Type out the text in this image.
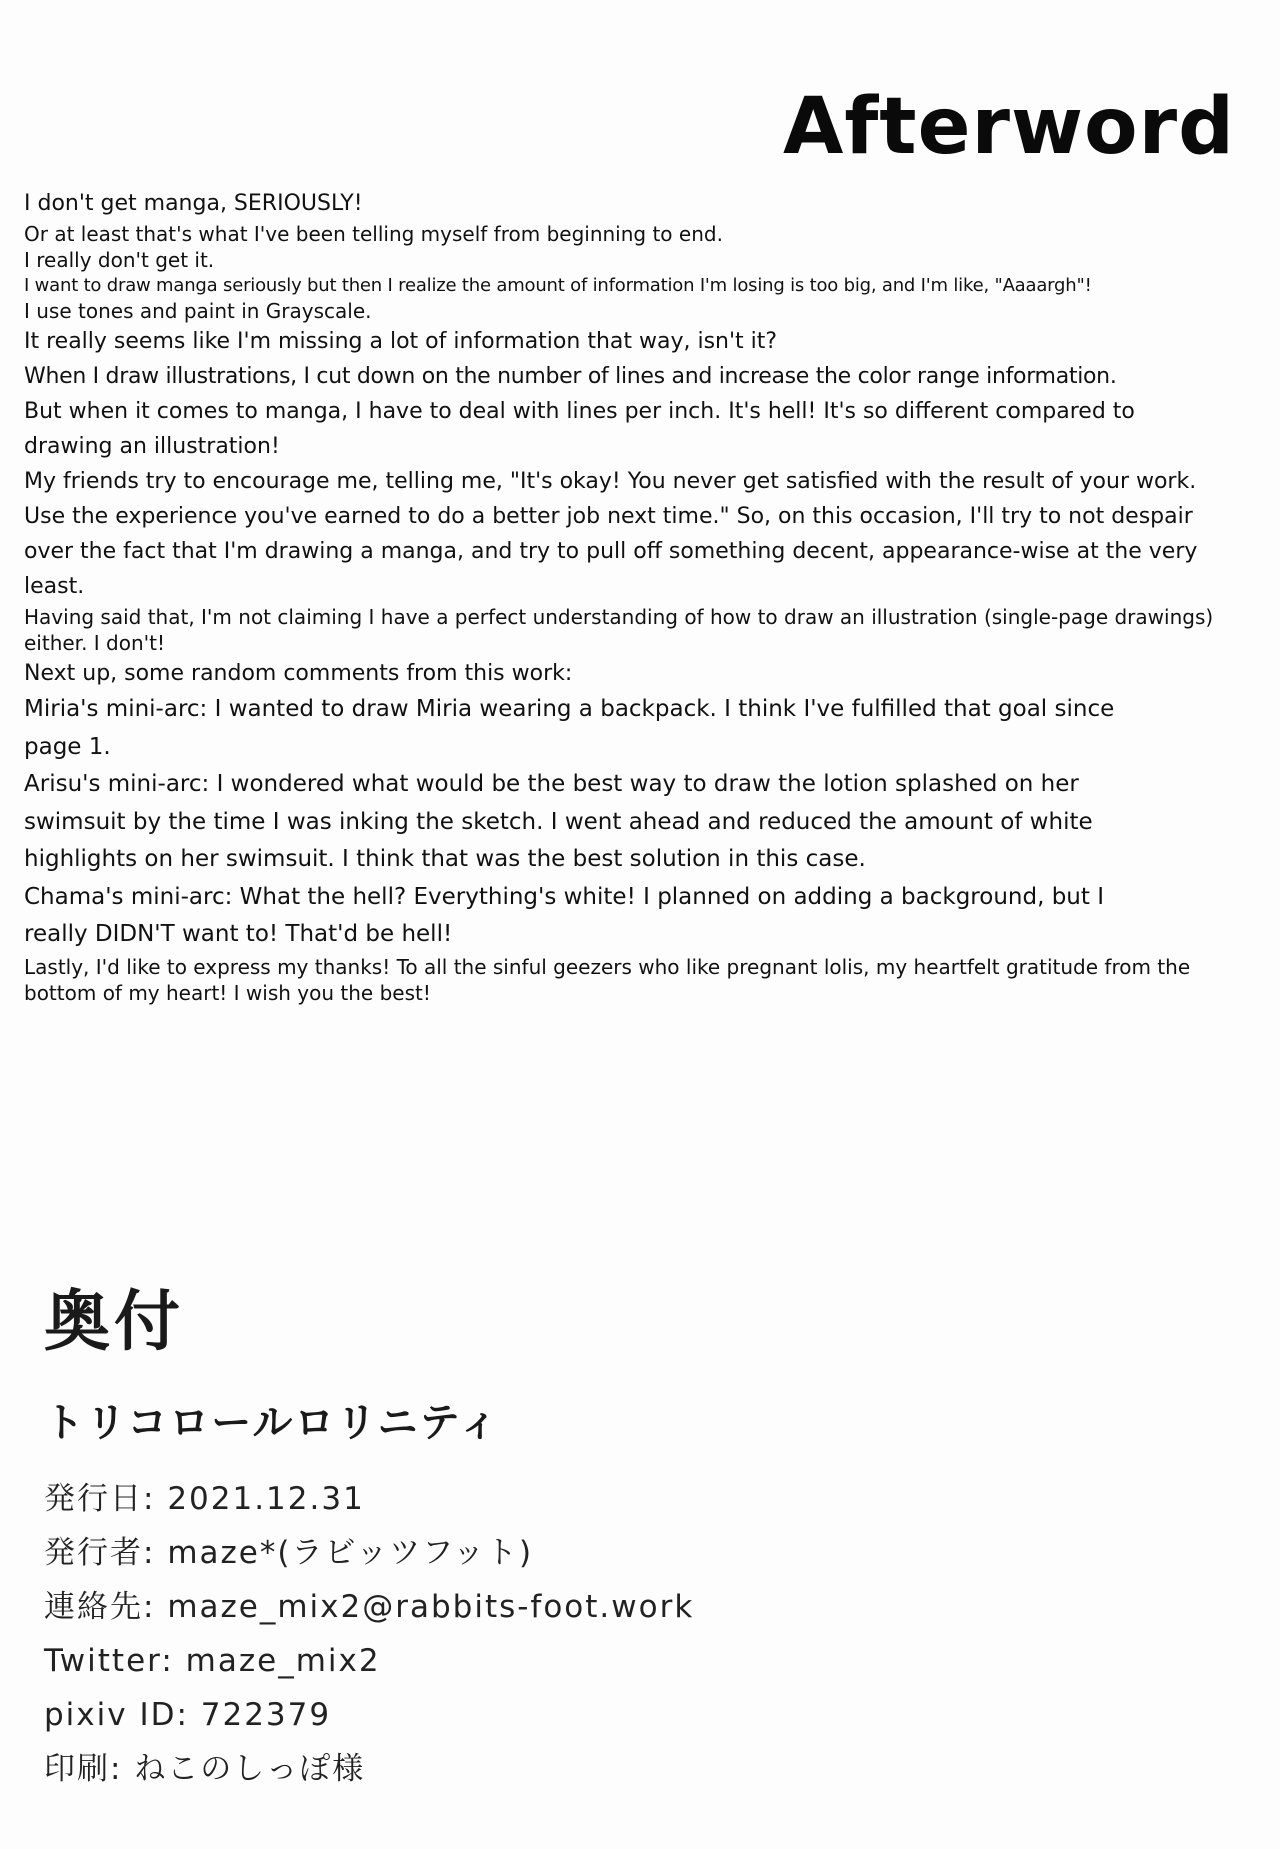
Afterword

I don't get manga, SERIOUSLY!

Or at least that's what I've been telling myself from beginning to end.

I really don't get it.

I want to draw manga seriously but then I realize the amount of information I'm losing is too big, and I'm like, "Aaaargh"!

I use tones and paint in Grayscale.

It really seems like I'm missing a lot of information that way, isn't it?

When I draw illustrations, I cut down on the number of lines and increase the color range information.

But when it comes to manga, I have to deal with lines per inch. It's hell! It's so different compared to drawing an illustration!

My friends try to encourage me, telling me, "It's okay! You never get satisfied with the result of your work. Use the experience you've earned to do a better job next time." So, on this occasion, I'll try to not despair over the fact that I'm drawing a manga, and try to pull off something decent, appearance-wise at the very least.

Having said that, I'm not claiming I have a perfect understanding of how to draw an illustration (single-page drawings) either. I don't!

Next up, some random comments from this work:

Miria's mini-arc: I wanted to draw Miria wearing a backpack. I think I've fulfilled that goal since page 1.

Arisu's mini-arc: I wondered what would be the best way to draw the lotion splashed on her swimsuit by the time I was inking the sketch. I went ahead and reduced the amount of white highlights on her swimsuit. I think that was the best solution in this case.

Chama's mini-arc: What the hell? Everything's white! I planned on adding a background, but I really DIDN'T want to! That'd be hell!

Lastly, I'd like to express my thanks! To all the sinful geezers who like pregnant lolis, my heartfelt gratitude from the bottom of my heart! I wish you the best!

奥付
トリコロールロリニティ
発行日: 2021.12.31
発行者: maze*(ラビッツフット)
連絡先: maze_mix2@rabbits-foot.work
Twitter: maze_mix2
pixiv ID: 722379
印刷: ねこのしっぽ様
